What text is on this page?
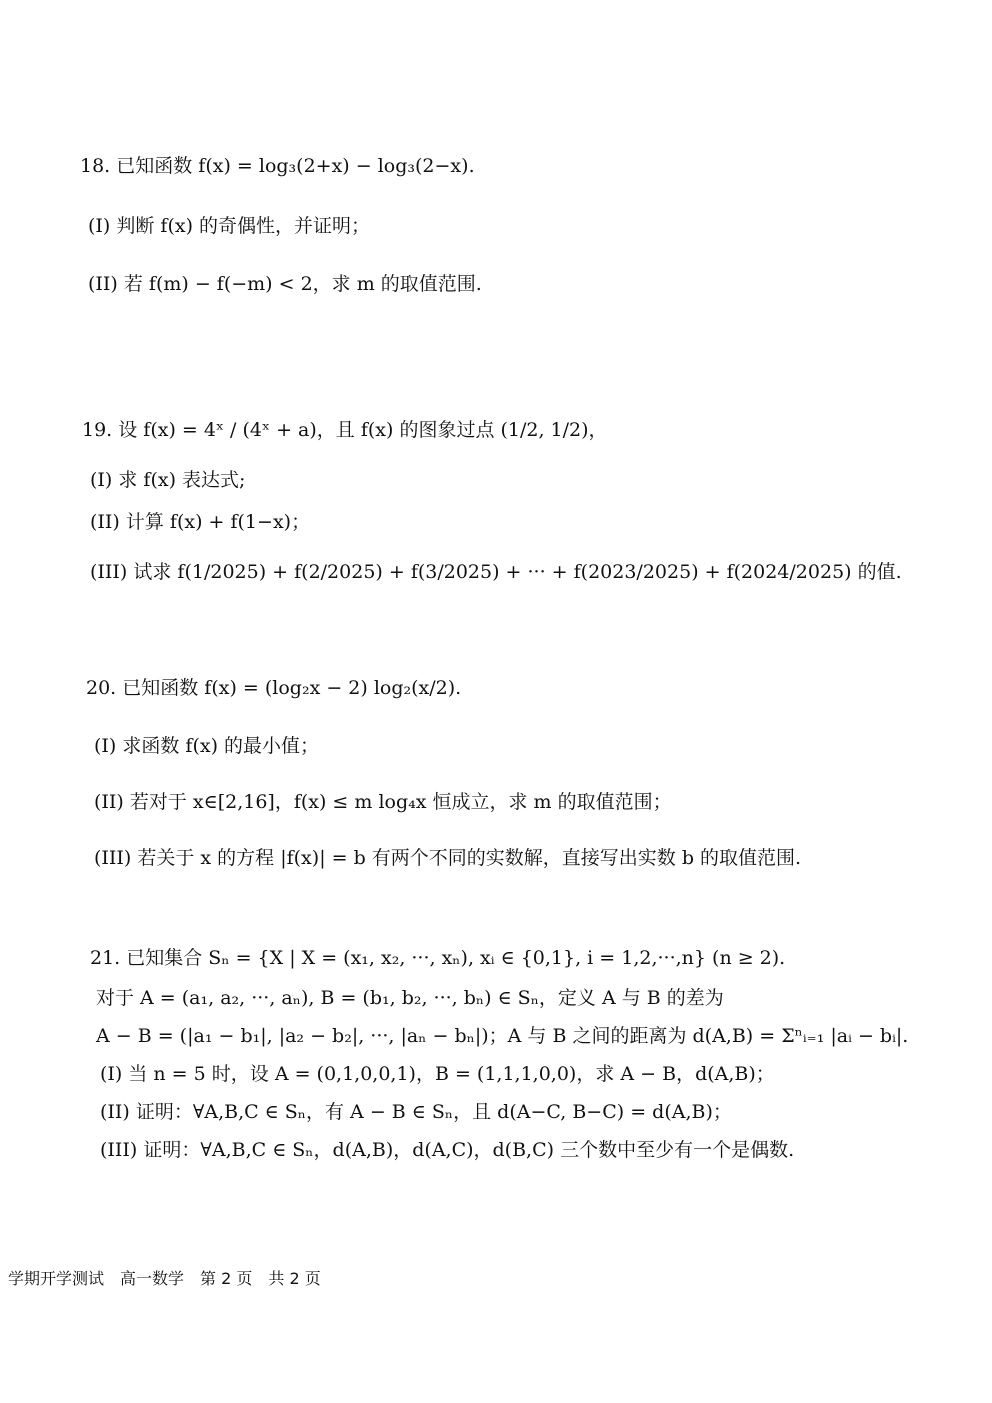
18. 已知函数 f(x) = log₃(2+x) − log₃(2−x).
(I) 判断 f(x) 的奇偶性，并证明；
(II) 若 f(m) − f(−m) < 2，求 m 的取值范围.
19. 设 f(x) = 4ˣ / (4ˣ + a)，且 f(x) 的图象过点 (1/2, 1/2)，
(I) 求 f(x) 表达式;
(II) 计算 f(x) + f(1−x)；
(III) 试求 f(1/2025) + f(2/2025) + f(3/2025) + ··· + f(2023/2025) + f(2024/2025) 的值.
20. 已知函数 f(x) = (log₂x − 2) log₂(x/2).
(I) 求函数 f(x) 的最小值；
(II) 若对于 x∈[2,16]，f(x) ≤ m log₄x 恒成立，求 m 的取值范围；
(III) 若关于 x 的方程 |f(x)| = b 有两个不同的实数解，直接写出实数 b 的取值范围.
21. 已知集合 Sₙ = {X | X = (x₁, x₂, ···, xₙ), xᵢ ∈ {0,1}, i = 1,2,···,n} (n ≥ 2).
对于 A = (a₁, a₂, ···, aₙ), B = (b₁, b₂, ···, bₙ) ∈ Sₙ，定义 A 与 B 的差为
A − B = (|a₁ − b₁|, |a₂ − b₂|, ···, |aₙ − bₙ|)；A 与 B 之间的距离为 d(A,B) = Σⁿᵢ₌₁ |aᵢ − bᵢ|.
(I) 当 n = 5 时，设 A = (0,1,0,0,1)，B = (1,1,1,0,0)，求 A − B，d(A,B)；
(II) 证明：∀A,B,C ∈ Sₙ，有 A − B ∈ Sₙ，且 d(A−C, B−C) = d(A,B)；
(III) 证明：∀A,B,C ∈ Sₙ，d(A,B)，d(A,C)，d(B,C) 三个数中至少有一个是偶数.
学期开学测试　高一数学　第 2 页　共 2 页
